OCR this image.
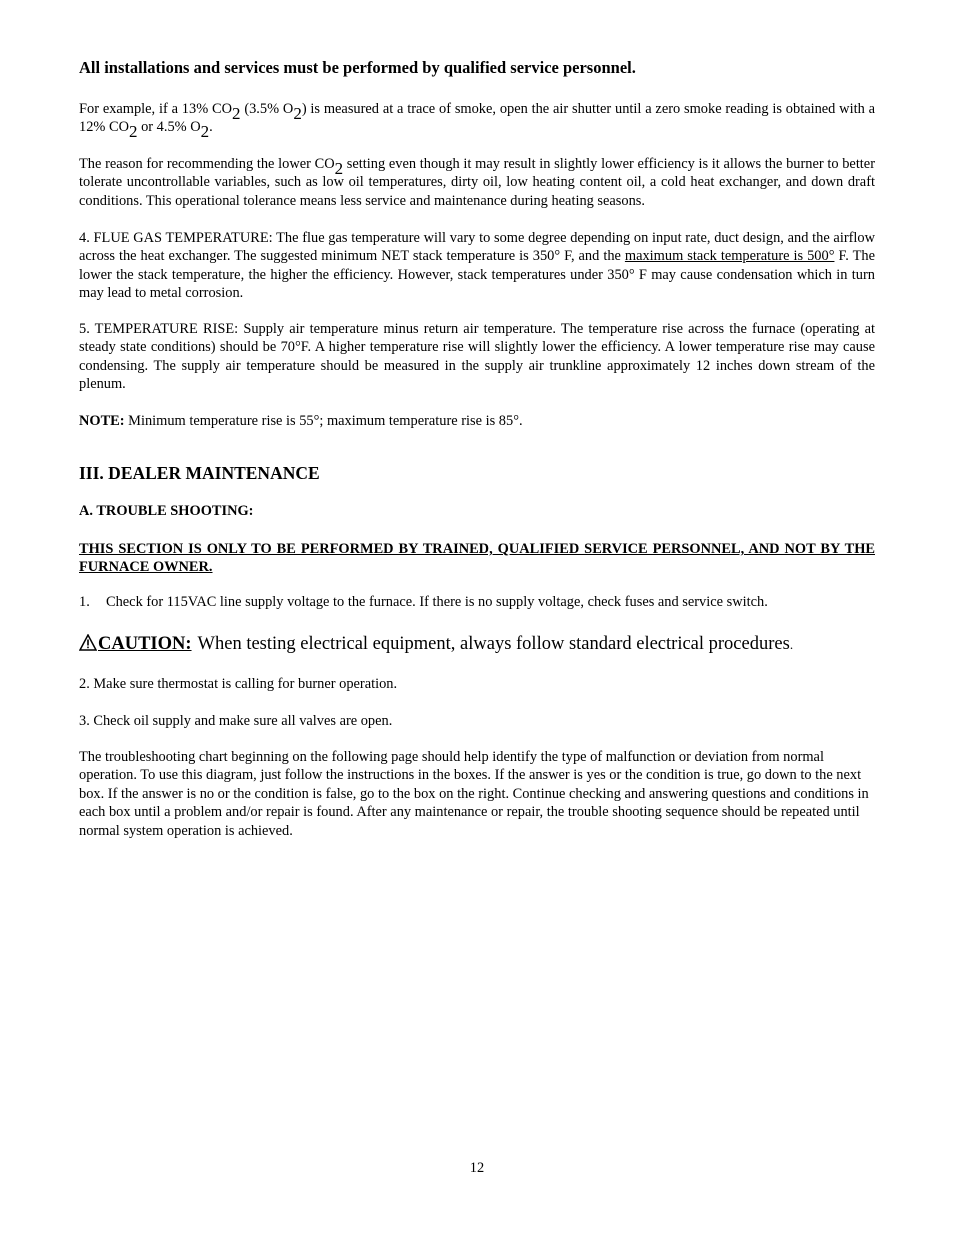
All installations and services must be performed by qualified service personnel.

For example, if a 13% CO2 (3.5% O2) is measured at a trace of smoke, open the air shutter until a zero smoke reading is obtained with a 12% CO2 or 4.5% O2.

The reason for recommending the lower CO2 setting even though it may result in slightly lower efficiency is it allows the burner to better tolerate uncontrollable variables, such as low oil temperatures, dirty oil, low heating content oil, a cold heat exchanger, and down draft conditions. This operational tolerance means less service and maintenance during heating seasons.

4. FLUE GAS TEMPERATURE: The flue gas temperature will vary to some degree depending on input rate, duct design, and the airflow across the heat exchanger. The suggested minimum NET stack temperature is 350° F, and the maximum stack temperature is 500° F. The lower the stack temperature, the higher the efficiency. However, stack temperatures under 350° F may cause condensation which in turn may lead to metal corrosion.

5. TEMPERATURE RISE: Supply air temperature minus return air temperature. The temperature rise across the furnace (operating at steady state conditions) should be 70°F. A higher temperature rise will slightly lower the efficiency. A lower temperature rise may cause condensing. The supply air temperature should be measured in the supply air trunkline approximately 12 inches down stream of the plenum.

NOTE: Minimum temperature rise is 55°; maximum temperature rise is 85°.

III. DEALER MAINTENANCE
A. TROUBLE SHOOTING:

THIS SECTION IS ONLY TO BE PERFORMED BY TRAINED, QUALIFIED SERVICE PERSONNEL, AND NOT BY THE FURNACE OWNER.

1.	Check for 115VAC line supply voltage to the furnace. If there is no supply voltage, check fuses and service switch.

CAUTION: When testing electrical equipment, always follow standard electrical procedures .

2. Make sure thermostat is calling for burner operation.

3. Check oil supply and make sure all valves are open.

The troubleshooting chart beginning on the following page should help identify the type of malfunction or deviation from normal operation. To use this diagram, just follow the instructions in the boxes. If the answer is yes or the condition is true, go down to the next box. If the answer is no or the condition is false, go to the box on the right. Continue checking and answering questions and conditions in each box until a problem and/or repair is found. After any maintenance or repair, the trouble shooting sequence should be repeated until normal system operation is achieved.

12
